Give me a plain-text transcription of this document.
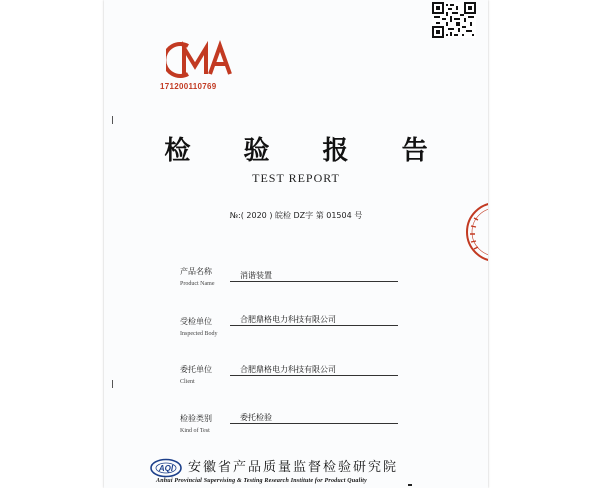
171200110769
检 验 报 告
TEST REPORT
№:( 2020 ) 皖检 DZ字 第 01504 号
产品名称
Product Name
消谐装置
受检单位
Inspected Body
合肥鼎格电力科技有限公司
委托单位
Client
合肥鼎格电力科技有限公司
检验类别
Kind of Test
委托检验
AQI 安徽省产品质量监督检验研究院
Anhui Provincial Supervising & Testing Research Institute for Product Quality
